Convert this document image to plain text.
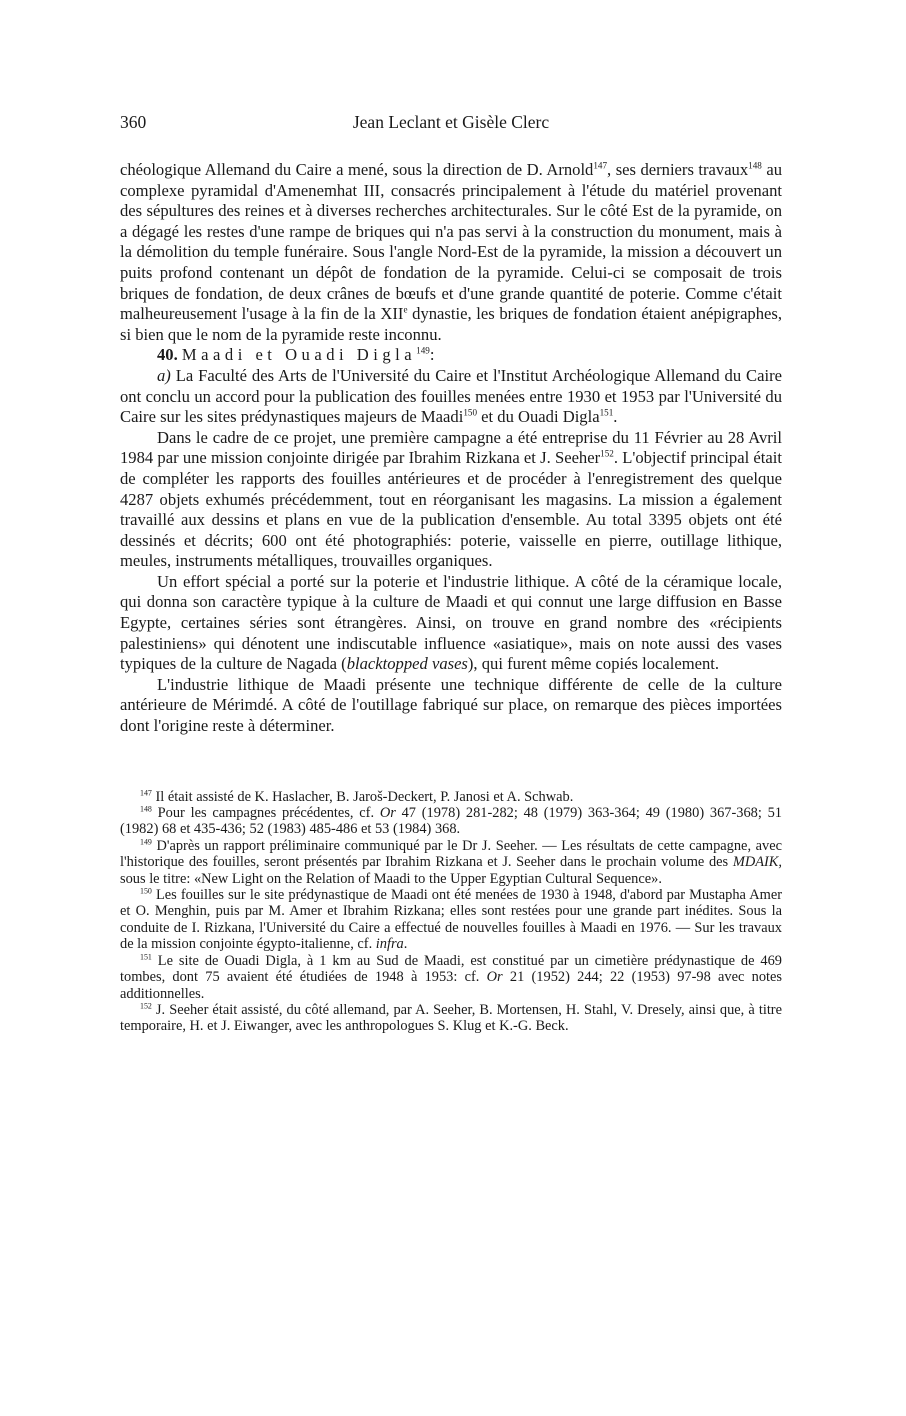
360	Jean Leclant et Gisèle Clerc

chéologique Allemand du Caire a mené, sous la direction de D. Arnold$^{147}$, ses derniers travaux$^{148}$ au complexe pyramidal d'Amenemhat III, consacrés principalement à l'étude du matériel provenant des sépultures des reines et à diverses recherches architecturales. Sur le côté Est de la pyramide, on a dégagé les restes d'une rampe de briques qui n'a pas servi à la construction du monument, mais à la démolition du temple funéraire. Sous l'angle Nord-Est de la pyramide, la mission a découvert un puits profond contenant un dépôt de fondation de la pyramide. Celui-ci se composait de trois briques de fondation, de deux crânes de bœufs et d'une grande quantité de poterie. Comme c'était malheureusement l'usage à la fin de la XIIe dynastie, les briques de fondation étaient anépigraphes, si bien que le nom de la pyramide reste inconnu.

40. Maadi et Ouadi Digla$^{149}$:

a) La Faculté des Arts de l'Université du Caire et l'Institut Archéologique Allemand du Caire ont conclu un accord pour la publication des fouilles menées entre 1930 et 1953 par l'Université du Caire sur les sites prédynastiques majeurs de Maadi$^{150}$ et du Ouadi Digla$^{151}$.

Dans le cadre de ce projet, une première campagne a été entreprise du 11 Février au 28 Avril 1984 par une mission conjointe dirigée par Ibrahim Rizkana et J. Seeher$^{152}$. L'objectif principal était de compléter les rapports des fouilles antérieures et de procéder à l'enregistrement des quelque 4287 objets exhumés précédemment, tout en réorganisant les magasins. La mission a également travaillé aux dessins et plans en vue de la publication d'ensemble. Au total 3395 objets ont été dessinés et décrits; 600 ont été photographiés: poterie, vaisselle en pierre, outillage lithique, meules, instruments métalliques, trouvailles organiques.

Un effort spécial a porté sur la poterie et l'industrie lithique. A côté de la céramique locale, qui donna son caractère typique à la culture de Maadi et qui connut une large diffusion en Basse Egypte, certaines séries sont étrangères. Ainsi, on trouve en grand nombre des «récipients palestiniens» qui dénotent une indiscutable influence «asiatique», mais on note aussi des vases typiques de la culture de Nagada (blacktopped vases), qui furent même copiés localement.

L'industrie lithique de Maadi présente une technique différente de celle de la culture antérieure de Mérimdé. A côté de l'outillage fabriqué sur place, on remarque des pièces importées dont l'origine reste à déterminer.

$^{147}$ Il était assisté de K. Haslacher, B. Jaroš-Deckert, P. Janosi et A. Schwab.

$^{148}$ Pour les campagnes précédentes, cf. Or 47 (1978) 281-282; 48 (1979) 363-364; 49 (1980) 367-368; 51 (1982) 68 et 435-436; 52 (1983) 485-486 et 53 (1984) 368.

$^{149}$ D'après un rapport préliminaire communiqué par le Dr J. Seeher. — Les résultats de cette campagne, avec l'historique des fouilles, seront présentés par Ibrahim Rizkana et J. Seeher dans le prochain volume des MDAIK, sous le titre: «New Light on the Relation of Maadi to the Upper Egyptian Cultural Sequence».

$^{150}$ Les fouilles sur le site prédynastique de Maadi ont été menées de 1930 à 1948, d'abord par Mustapha Amer et O. Menghin, puis par M. Amer et Ibrahim Rizkana; elles sont restées pour une grande part inédites. Sous la conduite de I. Rizkana, l'Université du Caire a effectué de nouvelles fouilles à Maadi en 1976. — Sur les travaux de la mission conjointe égypto-italienne, cf. infra.

$^{151}$ Le site de Ouadi Digla, à 1 km au Sud de Maadi, est constitué par un cimetière prédynastique de 469 tombes, dont 75 avaient été étudiées de 1948 à 1953: cf. Or 21 (1952) 244; 22 (1953) 97-98 avec notes additionnelles.

$^{152}$ J. Seeher était assisté, du côté allemand, par A. Seeher, B. Mortensen, H. Stahl, V. Dresely, ainsi que, à titre temporaire, H. et J. Eiwanger, avec les anthropologues S. Klug et K.-G. Beck.
